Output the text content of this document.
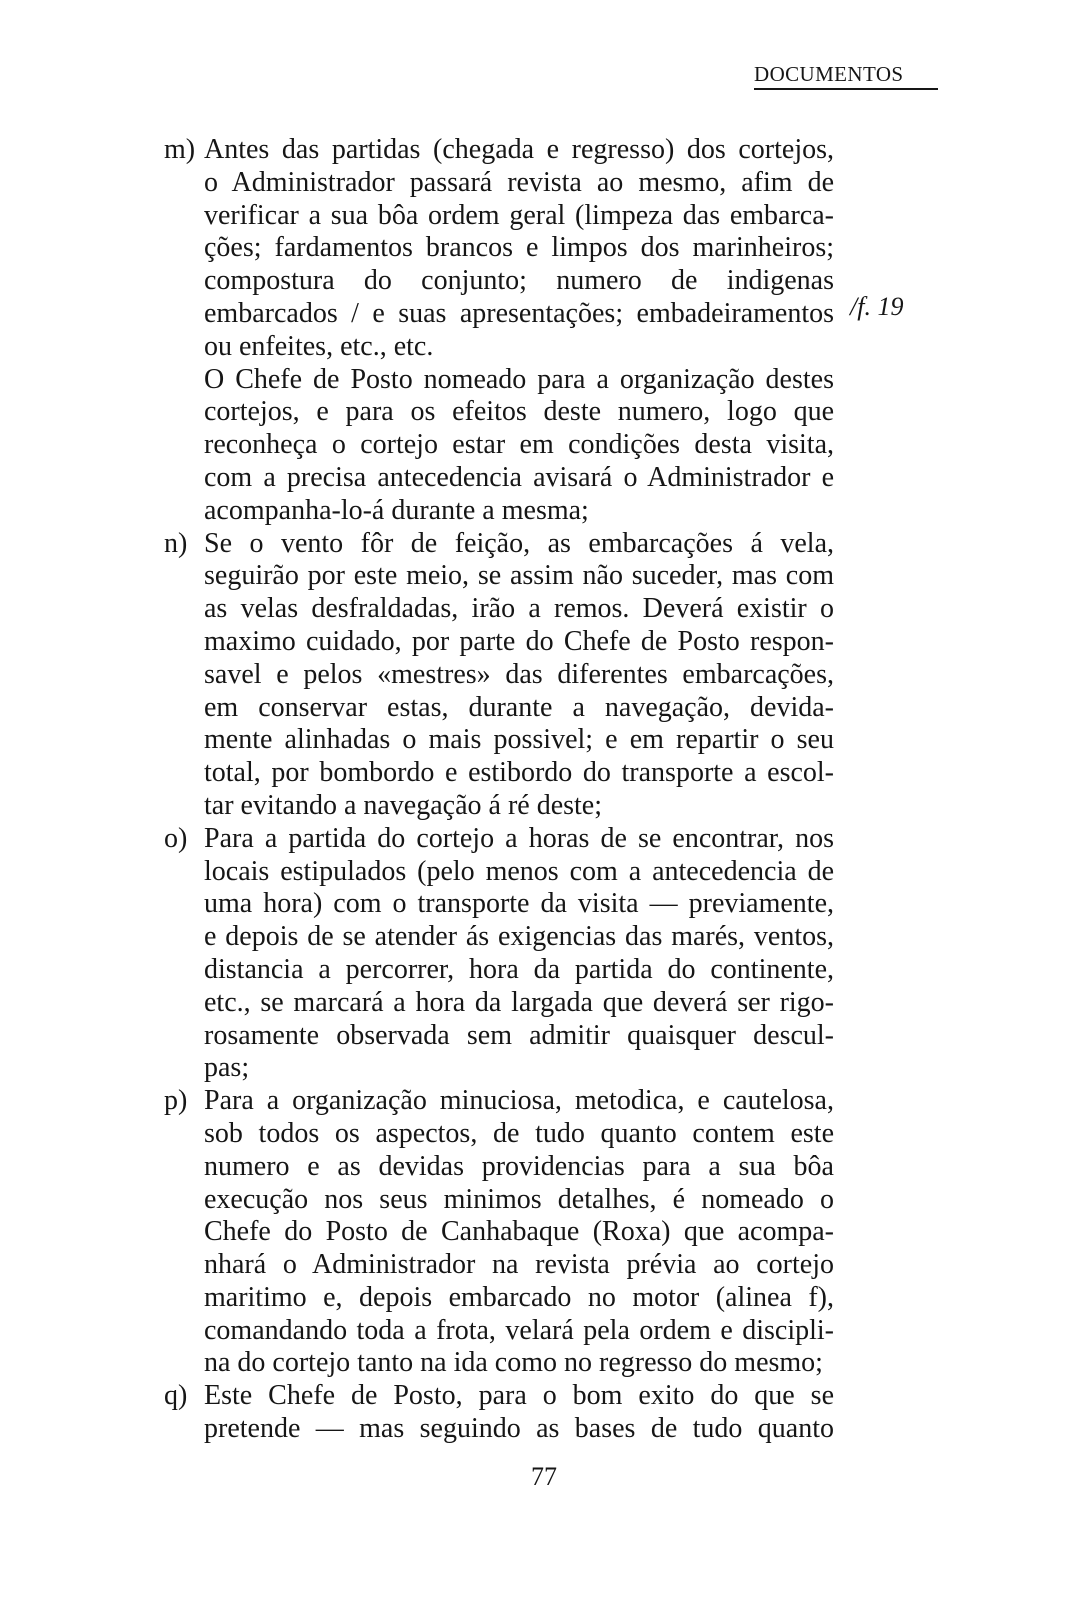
DOCUMENTOS
/f. 19
m) Antes das partidas (chegada e regresso) dos cortejos,
o Administrador passará revista ao mesmo, afim de
verificar a sua bôa ordem geral (limpeza das embarca-
ções; fardamentos brancos e limpos dos marinheiros;
compostura do conjunto; numero de indigenas
embarcados / e suas apresentações; embadeiramentos
ou enfeites, etc., etc.
O Chefe de Posto nomeado para a organização destes
cortejos, e para os efeitos deste numero, logo que
reconheça o cortejo estar em condições desta visita,
com a precisa antecedencia avisará o Administrador e
acompanha-lo-á durante a mesma;
n) Se o vento fôr de feição, as embarcações á vela,
seguirão por este meio, se assim não suceder, mas com
as velas desfraldadas, irão a remos. Deverá existir o
maximo cuidado, por parte do Chefe de Posto respon-
savel e pelos «mestres» das diferentes embarcações,
em conservar estas, durante a navegação, devida-
mente alinhadas o mais possivel; e em repartir o seu
total, por bombordo e estibordo do transporte a escol-
tar evitando a navegação á ré deste;
o) Para a partida do cortejo a horas de se encontrar, nos
locais estipulados (pelo menos com a antecedencia de
uma hora) com o transporte da visita — previamente,
e depois de se atender ás exigencias das marés, ventos,
distancia a percorrer, hora da partida do continente,
etc., se marcará a hora da largada que deverá ser rigo-
rosamente observada sem admitir quaisquer descul-
pas;
p) Para a organização minuciosa, metodica, e cautelosa,
sob todos os aspectos, de tudo quanto contem este
numero e as devidas providencias para a sua bôa
execução nos seus minimos detalhes, é nomeado o
Chefe do Posto de Canhabaque (Roxa) que acompa-
nhará o Administrador na revista prévia ao cortejo
maritimo e, depois embarcado no motor (alinea f),
comandando toda a frota, velará pela ordem e discipli-
na do cortejo tanto na ida como no regresso do mesmo;
q) Este Chefe de Posto, para o bom exito do que se
pretende — mas seguindo as bases de tudo quanto
77
